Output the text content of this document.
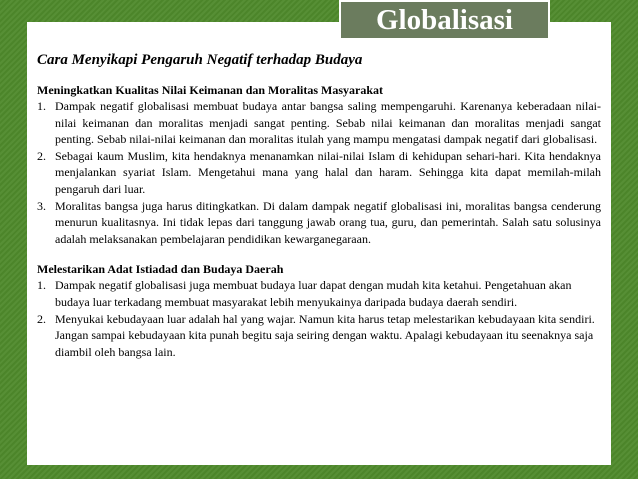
Cara Menyikapi Pengaruh Negatif terhadap Budaya
Meningkatkan Kualitas Nilai Keimanan dan Moralitas Masyarakat
1. Dampak negatif globalisasi membuat budaya antar bangsa saling mempengaruhi. Karenanya keberadaan nilai-nilai keimanan dan moralitas menjadi sangat penting. Sebab nilai keimanan dan moralitas menjadi sangat penting. Sebab nilai-nilai keimanan dan moralitas itulah yang mampu mengatasi dampak negatif dari globalisasi.
2. Sebagai kaum Muslim, kita hendaknya menanamkan nilai-nilai Islam di kehidupan sehari-hari. Kita hendaknya menjalankan syariat Islam. Mengetahui mana yang halal dan haram. Sehingga kita dapat memilah-milah pengaruh dari luar.
3. Moralitas bangsa juga harus ditingkatkan. Di dalam dampak negatif globalisasi ini, moralitas bangsa cenderung menurun kualitasnya. Ini tidak lepas dari tanggung jawab orang tua, guru, dan pemerintah. Salah satu solusinya adalah melaksanakan pembelajaran pendidikan kewarganegaraan.
Melestarikan Adat Istiadad dan Budaya Daerah
1. Dampak negatif globalisasi juga membuat budaya luar dapat dengan mudah kita ketahui. Pengetahuan akan budaya luar terkadang membuat masyarakat lebih menyukainya daripada budaya daerah sendiri.
2. Menyukai kebudayaan luar adalah hal yang wajar. Namun kita harus tetap melestarikan kebudayaan kita sendiri. Jangan sampai kebudayaan kita punah begitu saja seiring dengan waktu. Apalagi kebudayaan itu seenaknya saja diambil oleh bangsa lain.
Globalisasi
